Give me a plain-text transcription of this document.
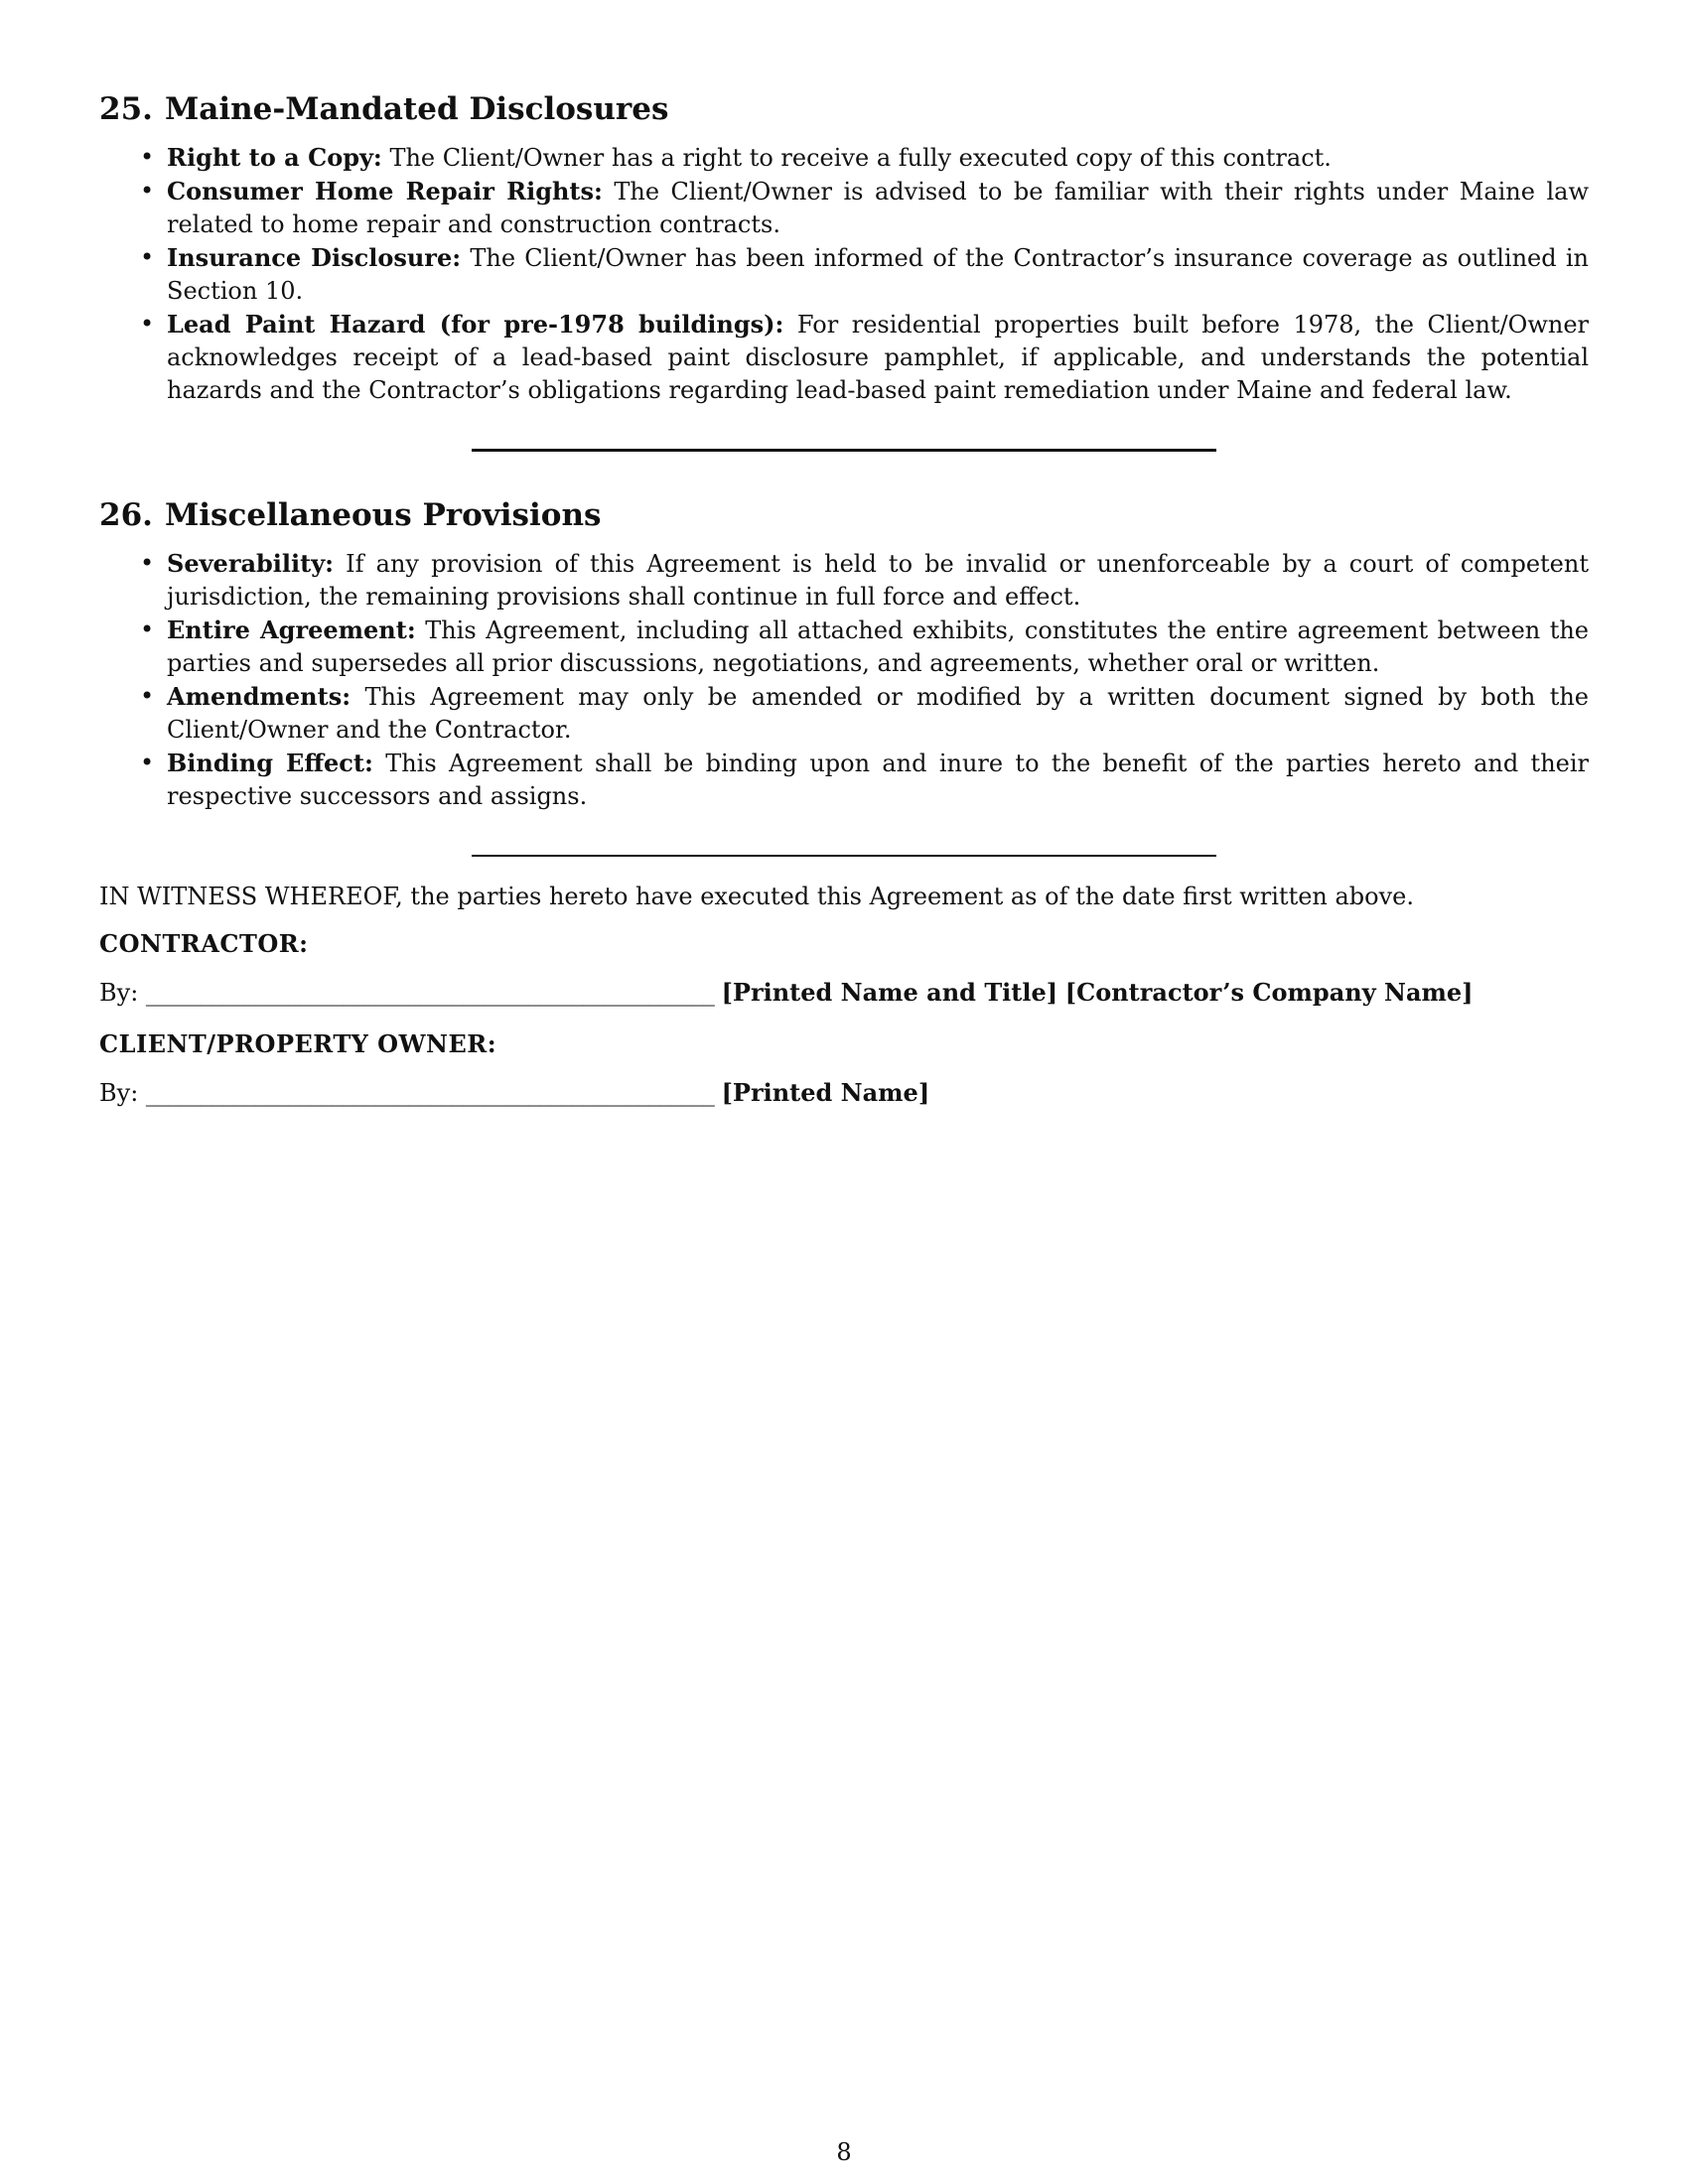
25. Maine-Mandated Disclosures
• Right to a Copy: The Client/Owner has a right to receive a fully executed copy of this contract.
• Consumer Home Repair Rights: The Client/Owner is advised to be familiar with their rights under Maine law related to home repair and construction contracts.
• Insurance Disclosure: The Client/Owner has been informed of the Contractor’s insurance coverage as outlined in Section 10.
• Lead Paint Hazard (for pre-1978 buildings): For residential properties built before 1978, the Client/Owner acknowledges receipt of a lead-based paint disclosure pamphlet, if applicable, and understands the potential hazards and the Contractor’s obligations regarding lead-based paint remediation under Maine and federal law.
26. Miscellaneous Provisions
• Severability: If any provision of this Agreement is held to be invalid or unenforceable by a court of competent jurisdiction, the remaining provisions shall continue in full force and effect.
• Entire Agreement: This Agreement, including all attached exhibits, constitutes the entire agreement between the parties and supersedes all prior discussions, negotiations, and agreements, whether oral or written.
• Amendments: This Agreement may only be amended or modified by a written document signed by both the Client/Owner and the Contractor.
• Binding Effect: This Agreement shall be binding upon and inure to the benefit of the parties hereto and their respective successors and assigns.

IN WITNESS WHEREOF, the parties hereto have executed this Agreement as of the date first written above.

CONTRACTOR:

By: ____________________________________________________ [Printed Name and Title] [Contractor’s Company Name]

CLIENT/PROPERTY OWNER:

By: ____________________________________________________ [Printed Name]

8
